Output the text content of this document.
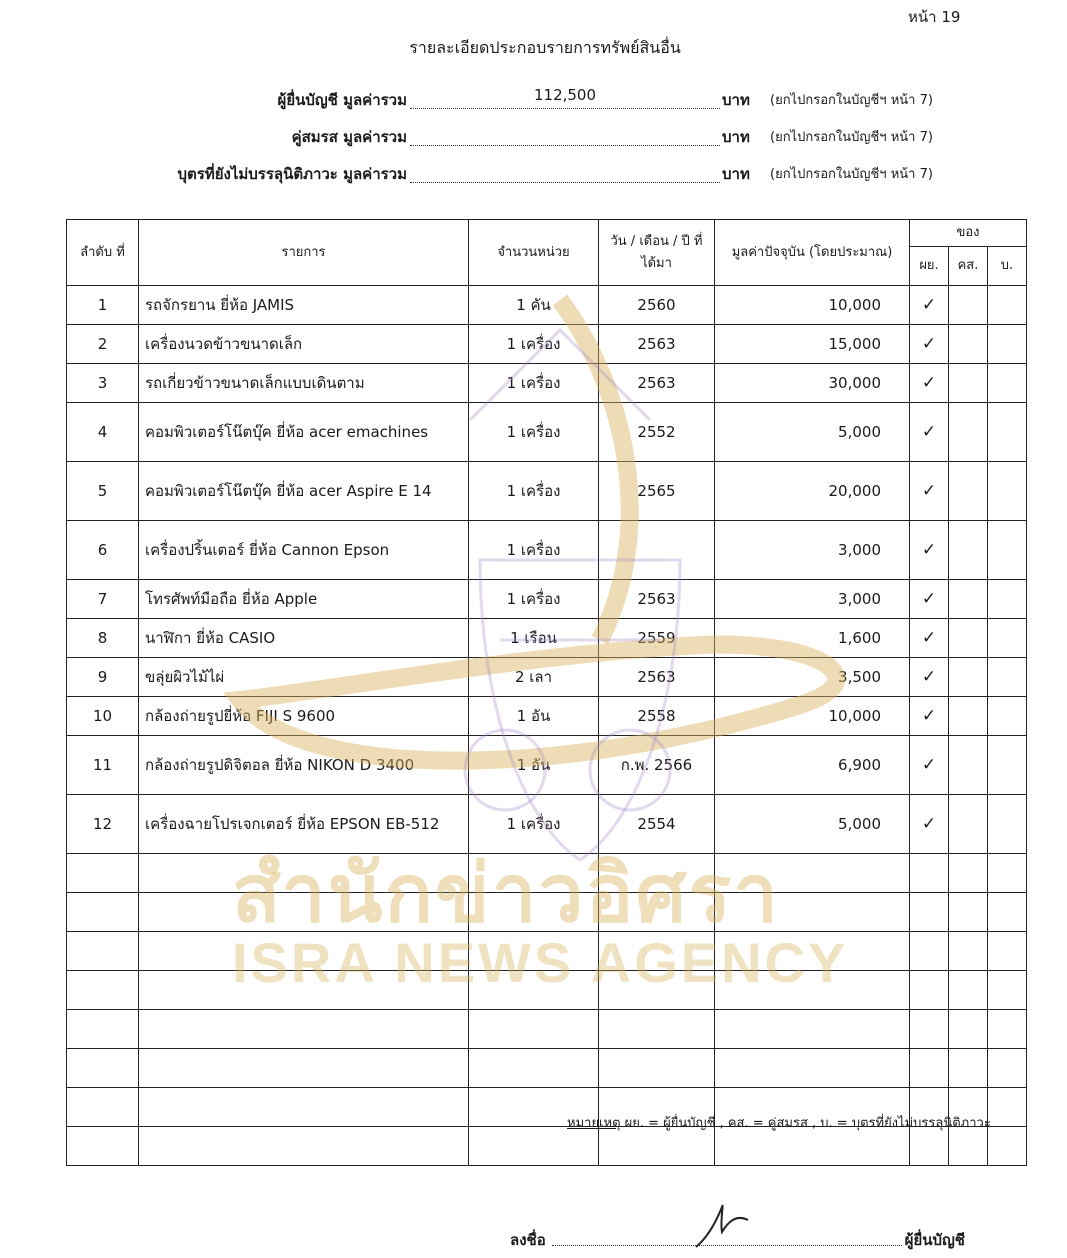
หน้า 19
รายละเอียดประกอบรายการทรัพย์สินอื่น
ผู้ยื่นบัญชี มูลค่ารวม	112,500	บาท (ยกไปกรอกในบัญชีฯ หน้า 7)
คู่สมรส มูลค่ารวม	บาท (ยกไปกรอกในบัญชีฯ หน้า 7)
บุตรที่ยังไม่บรรลุนิติภาวะ มูลค่ารวม	บาท (ยกไปกรอกในบัญชีฯ หน้า 7)
ลำดับ ที่	รายการ	จำนวนหน่วย	วัน / เดือน / ปี ที่ได้มา	มูลค่าปัจจุบัน (โดยประมาณ)	ของ		
					ผย.	คส.	บ.
1	รถจักรยาน ยี่ห้อ JAMIS	1 คัน	2560	10,000	✓		
2	เครื่องนวดข้าวขนาดเล็ก	1 เครื่อง	2563	15,000	✓		
3	รถเกี่ยวข้าวขนาดเล็กแบบเดินตาม	1 เครื่อง	2563	30,000	✓		
4	คอมพิวเตอร์โน๊ตบุ๊ค ยี่ห้อ acer emachines	1 เครื่อง	2552	5,000	✓		
5	คอมพิวเตอร์โน๊ตบุ๊ค ยี่ห้อ acer Aspire E 14	1 เครื่อง	2565	20,000	✓		
6	เครื่องปริ้นเตอร์ ยี่ห้อ Cannon Epson	1 เครื่อง		3,000	✓		
7	โทรศัพท์มือถือ ยี่ห้อ Apple	1 เครื่อง	2563	3,000	✓		
8	นาฬิกา ยี่ห้อ CASIO	1 เรือน	2559	1,600	✓		
9	ขลุ่ยผิวไม้ไผ่	2 เลา	2563	3,500	✓		
10	กล้องถ่ายรูปยี่ห้อ FIJI S 9600	1 อัน	2558	10,000	✓		
11	กล้องถ่ายรูปดิจิตอล ยี่ห้อ NIKON D 3400	1 อัน	ก.พ. 2566	6,900	✓		
12	เครื่องฉายโปรเจกเตอร์ ยี่ห้อ EPSON EB-512	1 เครื่อง	2554	5,000	✓		

สำนักข่าวอิศรา
ISRA NEWS AGENCY
หมายเหตุ ผย. = ผู้ยื่นบัญชี , คส. = คู่สมรส , บ. = บุตรที่ยังไม่บรรลุนิติภาวะ
ลงชื่อ	ผู้ยื่นบัญชี
